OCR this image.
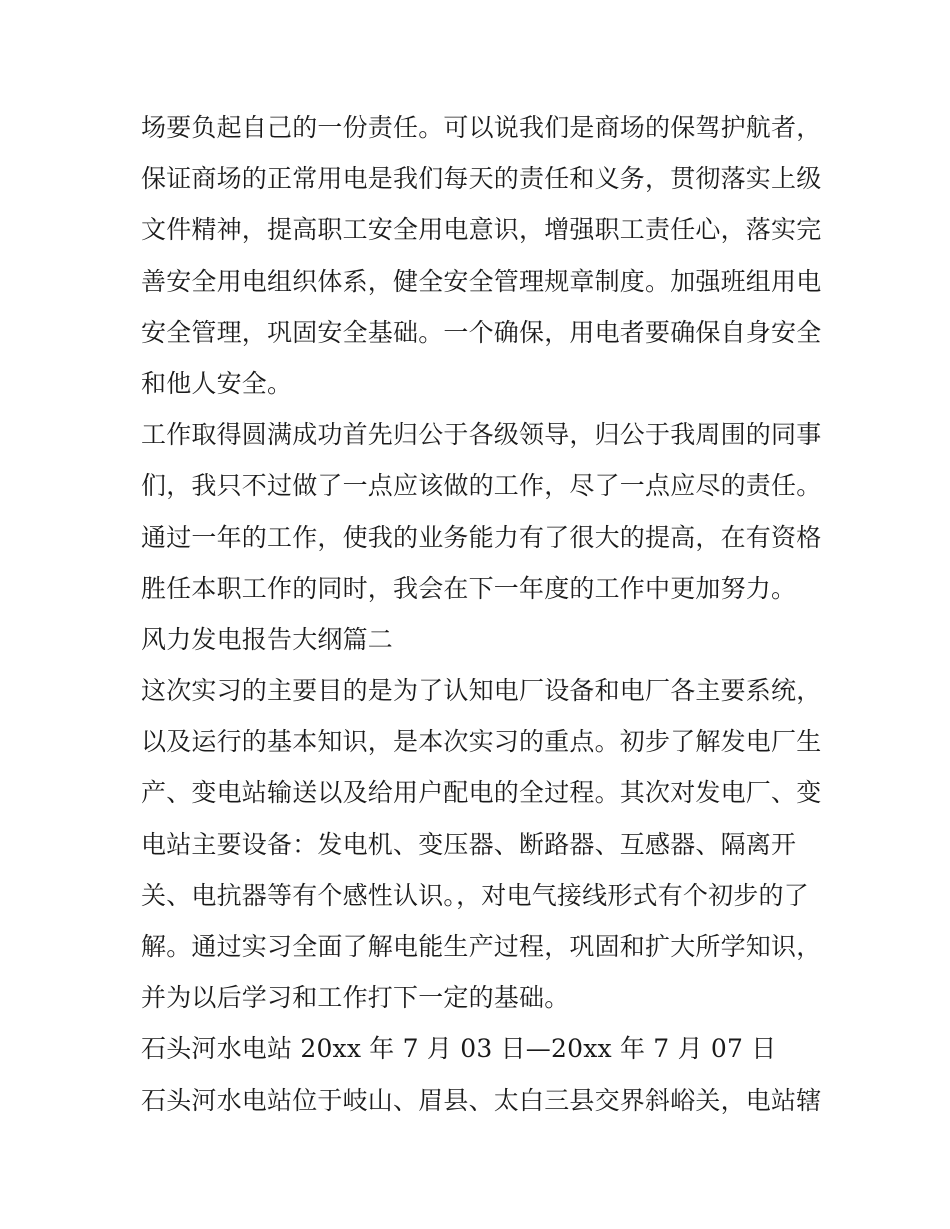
场要负起自己的一份责任。可以说我们是商场的保驾护航者，
保证商场的正常用电是我们每天的责任和义务，贯彻落实上级
文件精神，提高职工安全用电意识，增强职工责任心，落实完
善安全用电组织体系，健全安全管理规章制度。加强班组用电
安全管理，巩固安全基础。一个确保，用电者要确保自身安全
和他人安全。
工作取得圆满成功首先归公于各级领导，归公于我周围的同事
们，我只不过做了一点应该做的工作，尽了一点应尽的责任。
通过一年的工作，使我的业务能力有了很大的提高，在有资格
胜任本职工作的同时，我会在下一年度的工作中更加努力。
风力发电报告大纲篇二
这次实习的主要目的是为了认知电厂设备和电厂各主要系统，
以及运行的基本知识，是本次实习的重点。初步了解发电厂生
产、变电站输送以及给用户配电的全过程。其次对发电厂、变
电站主要设备：发电机、变压器、断路器、互感器、隔离开
关、电抗器等有个感性认识。，对电气接线形式有个初步的了
解。通过实习全面了解电能生产过程，巩固和扩大所学知识，
并为以后学习和工作打下一定的基础。
石头河水电站 20xx 年 7 月 03 日—20xx 年 7 月 07 日
石头河水电站位于岐山、眉县、太白三县交界斜峪关，电站辖
